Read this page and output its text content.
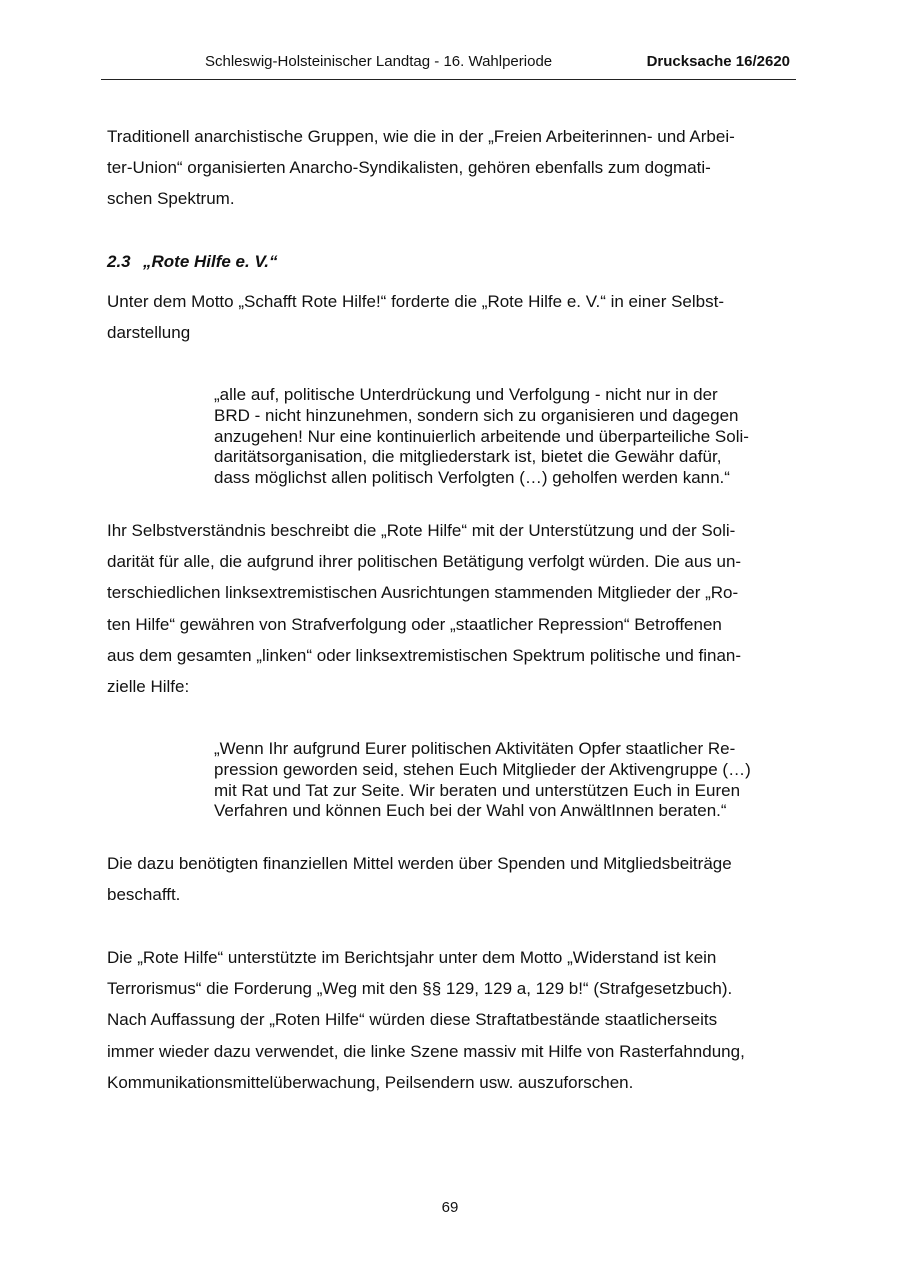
Schleswig-Holsteinischer Landtag - 16. Wahlperiode	Drucksache 16/2620

Traditionell anarchistische Gruppen, wie die in der „Freien Arbeiterinnen- und Arbei-
ter-Union“ organisierten Anarcho-Syndikalisten, gehören ebenfalls zum dogmati-
schen Spektrum.

2.3 „Rote Hilfe e. V.“

Unter dem Motto „Schafft Rote Hilfe!“ forderte die „Rote Hilfe e. V.“ in einer Selbst-
darstellung

„alle auf, politische Unterdrückung und Verfolgung - nicht nur in der
BRD - nicht hinzunehmen, sondern sich zu organisieren und dagegen
anzugehen! Nur eine kontinuierlich arbeitende und überparteiliche Soli-
daritätsorganisation, die mitgliederstark ist, bietet die Gewähr dafür,
dass möglichst allen politisch Verfolgten (…) geholfen werden kann.“

Ihr Selbstverständnis beschreibt die „Rote Hilfe“ mit der Unterstützung und der Soli-
darität für alle, die aufgrund ihrer politischen Betätigung verfolgt würden. Die aus un-
terschiedlichen linksextremistischen Ausrichtungen stammenden Mitglieder der „Ro-
ten Hilfe“ gewähren von Strafverfolgung oder „staatlicher Repression“ Betroffenen
aus dem gesamten „linken“ oder linksextremistischen Spektrum politische und finan-
zielle Hilfe:

„Wenn Ihr aufgrund Eurer politischen Aktivitäten Opfer staatlicher Re-
pression geworden seid, stehen Euch Mitglieder der Aktivengruppe (…)
mit Rat und Tat zur Seite. Wir beraten und unterstützen Euch in Euren
Verfahren und können Euch bei der Wahl von AnwältInnen beraten.“

Die dazu benötigten finanziellen Mittel werden über Spenden und Mitgliedsbeiträge
beschafft.

Die „Rote Hilfe“ unterstützte im Berichtsjahr unter dem Motto „Widerstand ist kein
Terrorismus“ die Forderung „Weg mit den §§ 129, 129 a, 129 b!“ (Strafgesetzbuch).
Nach Auffassung der „Roten Hilfe“ würden diese Straftatbestände staatlicherseits
immer wieder dazu verwendet, die linke Szene massiv mit Hilfe von Rasterfahndung,
Kommunikationsmittelüberwachung, Peilsendern usw. auszuforschen.

69
